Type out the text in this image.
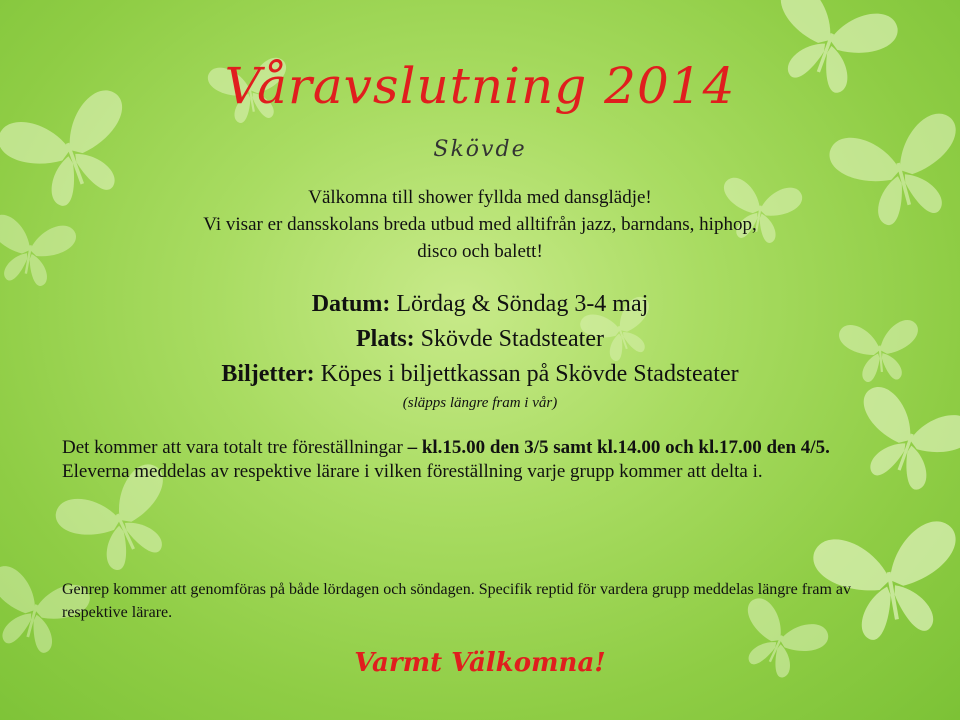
Våravslutning 2014
Skövde
Välkomna till shower fyllda med dansglädje!
Vi visar er dansskolans breda utbud med alltifrån jazz, barndans, hiphop,
disco och balett!
Datum: Lördag & Söndag 3-4 maj
Plats: Skövde Stadsteater
Biljetter: Köpes i biljettkassan på Skövde Stadsteater
(släpps längre fram i vår)
Det kommer att vara totalt tre föreställningar – kl.15.00 den 3/5 samt kl.14.00 och kl.17.00 den 4/5.
Eleverna meddelas av respektive lärare i vilken föreställning varje grupp kommer att delta i.
Genrep kommer att genomföras på både lördagen och söndagen. Specifik reptid för vardera grupp meddelas längre fram av respektive lärare.
Varmt Välkomna!
